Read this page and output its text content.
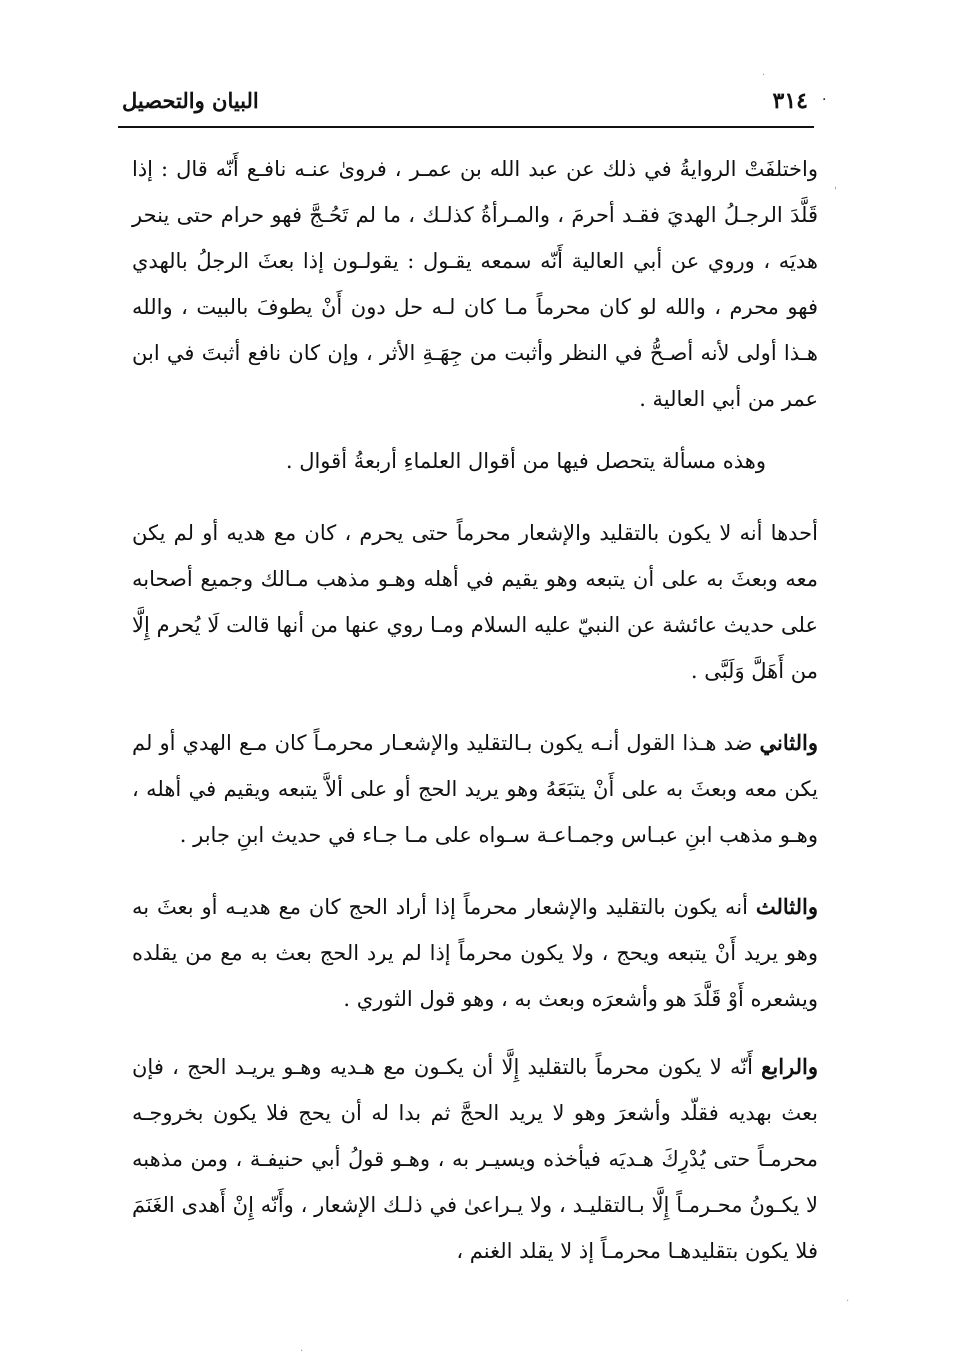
·
٣١٤
البيان والتحصيل

واختلفَتْ الروايةُ في ذلك عن عبد الله بن عمـر ، فروىٰ عنـه نافـع أَنّه قال : إذا قَلَّدَ الرجـلُ الهديَ فقـد أحرمَ ، والمـرأةُ كذلـك ، ما لم تَحُـجَّ فهو حرام حتى ينحر هديَه ، وروي عن أبي العالية أَنّه سمعه يقـول : يقولـون إذا بعثَ الرجلُ بالهدي فهو محرم ، والله لو كان محرماً مـا كان لـه حل دون أَنْ يطوفَ بالبيت ، والله هـذا أولى لأنه أصـحُّ في النظر وأثبت من جِهَـةِ الأثر ، وإن كان نافع أثبتَ في ابن عمر من أبي العالية .

وهذه مسألة يتحصل فيها من أقوال العلماءِ أربعةُ أقوال .

أحدها أنه لا يكون بالتقليد والإشعار محرماً حتى يحرم ، كان مع هديه أو لم يكن معه وبعثَ به على أن يتبعه وهو يقيم في أهله وهـو مذهب مـالك وجميع أصحابه على حديث عائشة عن النبيّ عليه السلام ومـا روي عنها من أنها قالت لَا يُحرم إِلَّا من أَهَلَّ وَلَبَّى .

والثاني ضد هـذا القول أنـه يكون بـالتقليد والإشعـار محرمـاً كان مـع الهدي أو لم يكن معه وبعثَ به على أَنْ يتبَعَهُ وهو يريد الحج أو على ألاَّ يتبعه ويقيم في أهله ، وهـو مذهب ابنِ عبـاس وجمـاعـة سـواه على مـا جـاء في حديث ابنِ جابر .

والثالث أنه يكون بالتقليد والإشعار محرماً إذا أراد الحج كان مع هديـه أو بعثَ به وهو يريد أَنْ يتبعه ويحج ، ولا يكون محرماً إذا لم يرد الحج بعث به مع من يقلده ويشعره أَوْ قَلَّدَ هو وأشعرَه وبعث به ، وهو قول الثوري .

والرابع أَنّه لا يكون محرماً بالتقليد إِلَّا أن يكـون مع هـديه وهـو يريـد الحج ، فإن بعث بهديه فقلّد وأشعرَ وهو لا يريد الحجَّ ثم بدا له أن يحج فلا يكون بخروجـه محرمـاً حتى يُدْرِكَ هـديَه فيأخذه ويسيـر به ، وهـو قولُ أبي حنيفـة ، ومن مذهبه لا يكـونُ محـرمـاً إِلَّا بـالتقليـد ، ولا يـراعىٰ في ذلـك الإشعار ، وأَنّه إِنْ أَهدى الغَنَمَ فلا يكون بتقليدهـا محرمـاً إذ لا يقلد الغنم ،

·
'
·
·
